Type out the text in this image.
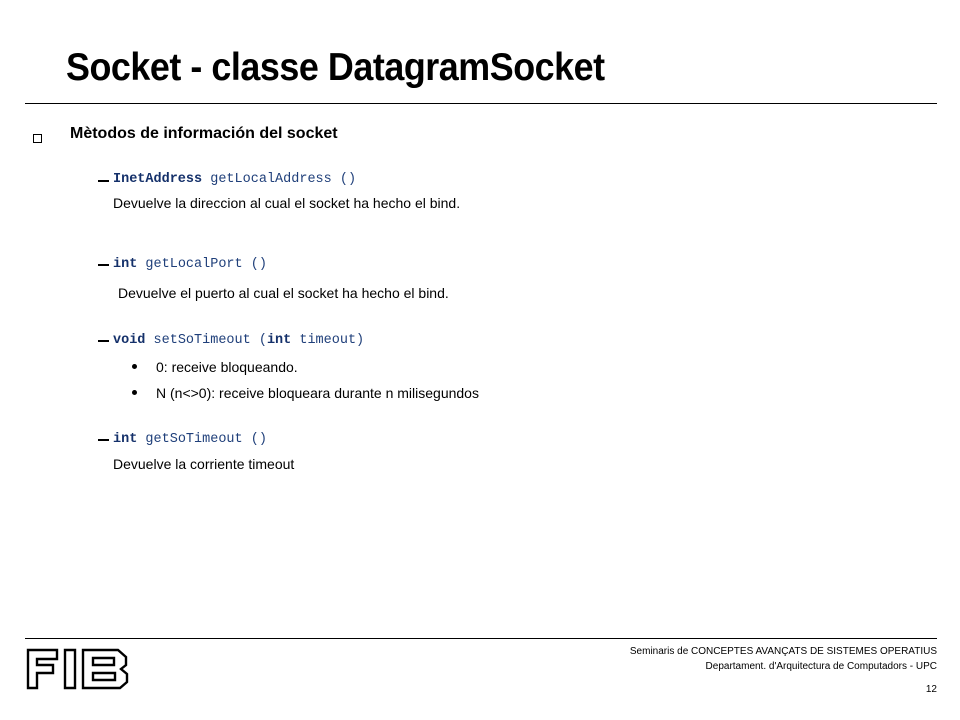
Socket - classe DatagramSocket
Mètodos de información del socket
InetAddress getLocalAddress ()
Devuelve la direccion al cual el socket ha hecho el bind.
int getLocalPort ()
Devuelve el puerto al cual el socket ha hecho el bind.
void setSoTimeout (int timeout)
0: receive bloqueando.
N (n<>0): receive bloqueara durante n milisegundos
int getSoTimeout ()
Devuelve la corriente timeout
Seminaris de CONCEPTES AVANÇATS DE SISTEMES OPERATIUS
Departament. d'Arquitectura de Computadors - UPC
12
